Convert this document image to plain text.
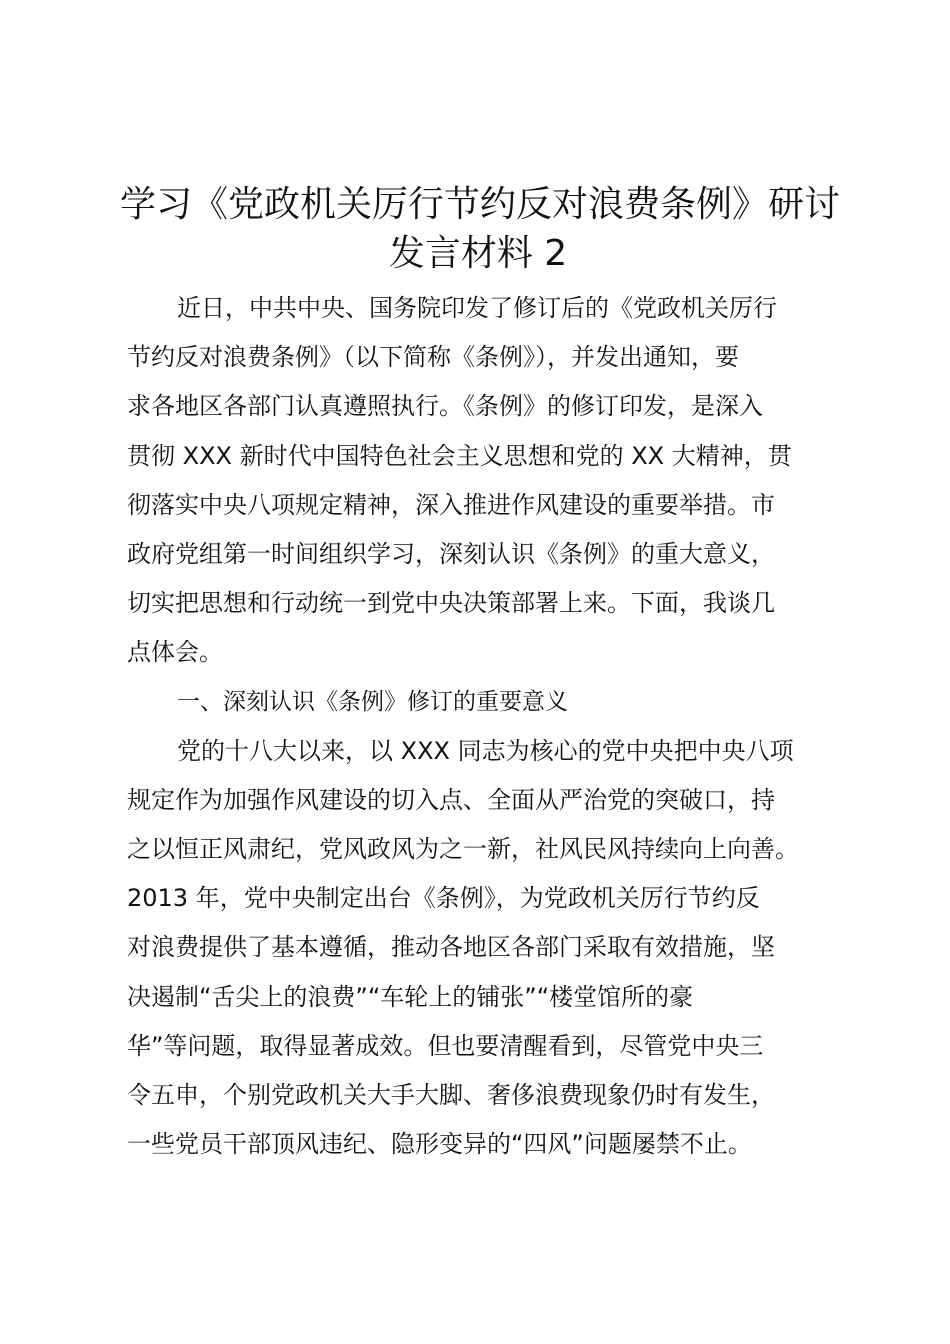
学习《党政机关厉行节约反对浪费条例》研讨
发言材料 2
近日，中共中央、国务院印发了修订后的《党政机关厉行
节约反对浪费条例》（以下简称《条例》），并发出通知，要
求各地区各部门认真遵照执行。《条例》的修订印发，是深入
贯彻 XXX 新时代中国特色社会主义思想和党的 XX 大精神，贯
彻落实中央八项规定精神，深入推进作风建设的重要举措。市
政府党组第一时间组织学习，深刻认识《条例》的重大意义，
切实把思想和行动统一到党中央决策部署上来。下面，我谈几
点体会。
一、深刻认识《条例》修订的重要意义
党的十八大以来，以 XXX 同志为核心的党中央把中央八项
规定作为加强作风建设的切入点、全面从严治党的突破口，持
之以恒正风肃纪，党风政风为之一新，社风民风持续向上向善。
2013 年，党中央制定出台《条例》，为党政机关厉行节约反
对浪费提供了基本遵循，推动各地区各部门采取有效措施，坚
决遏制“舌尖上的浪费”“车轮上的铺张”“楼堂馆所的豪
华”等问题，取得显著成效。但也要清醒看到，尽管党中央三
令五申，个别党政机关大手大脚、奢侈浪费现象仍时有发生，
一些党员干部顶风违纪、隐形变异的“四风”问题屡禁不止。
